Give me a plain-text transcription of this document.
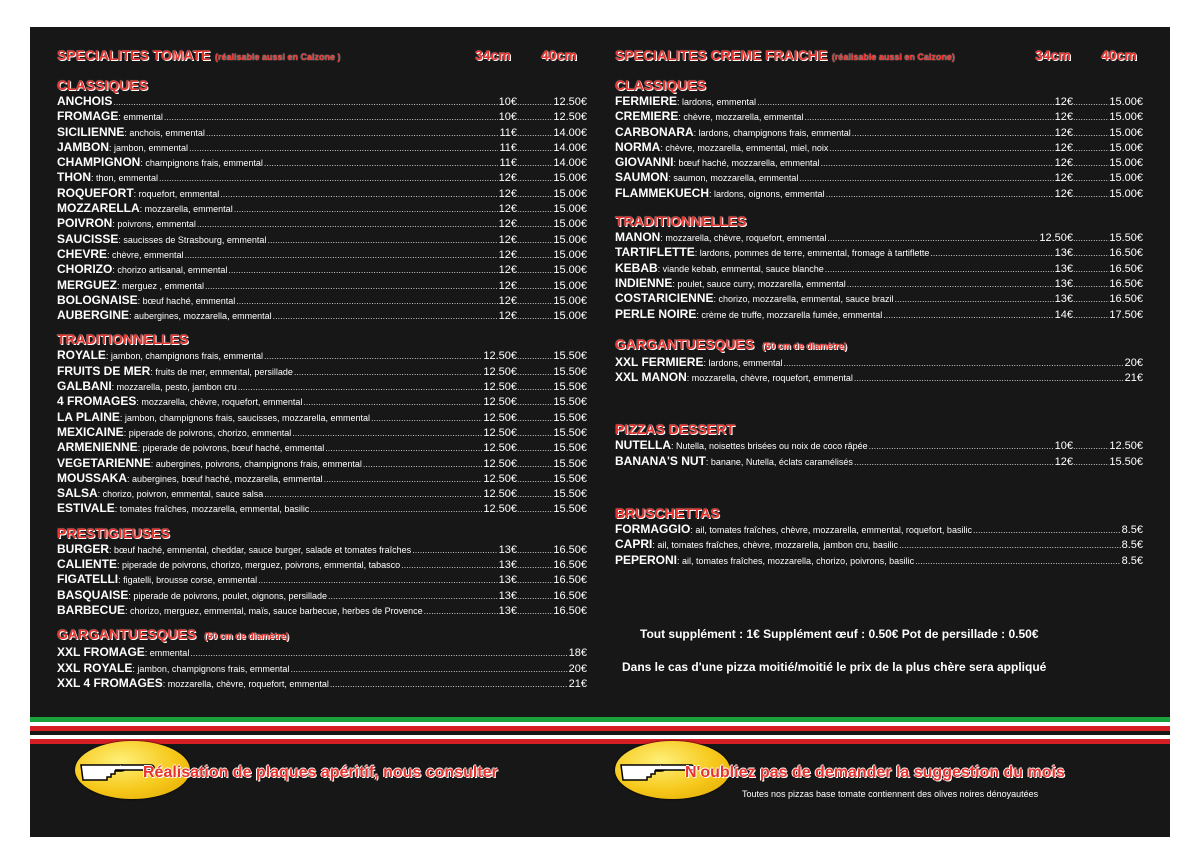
SPECIALITES TOMATE (réalisable aussi en Calzone )	34cm 40cm
CLASSIQUES
ANCHOIS .....	10€ .....	12.50€
FROMAGE : emmental .....	10€ .....	12.50€
SICILIENNE : anchois, emmental .....	11€ .....	14.00€
JAMBON : jambon, emmental .....	11€ .....	14.00€
CHAMPIGNON : champignons frais, emmental .....	11€ .....	14.00€
THON : thon, emmental .....	12€ .....	15.00€
ROQUEFORT : roquefort, emmental .....	12€ .....	15.00€
MOZZARELLA : mozzarella, emmental .....	12€ .....	15.00€
POIVRON : poivrons, emmental .....	12€ .....	15.00€
SAUCISSE : saucisses de Strasbourg, emmental .....	12€ .....	15.00€
CHEVRE : chèvre, emmental .....	12€ .....	15.00€
CHORIZO : chorizo artisanal, emmental .....	12€ .....	15.00€
MERGUEZ : merguez , emmental .....	12€ .....	15.00€
BOLOGNAISE : bœuf haché, emmental .....	12€ .....	15.00€
AUBERGINE : aubergines, mozzarella, emmental .....	12€ .....	15.00€
TRADITIONNELLES
ROYALE : jambon, champignons frais, emmental .....	12.50€ .....	15.50€
FRUITS DE MER : fruits de mer, emmental, persillade .....	12.50€ .....	15.50€
GALBANI : mozzarella, pesto, jambon cru .....	12.50€ .....	15.50€
4 FROMAGES : mozzarella, chèvre, roquefort, emmental .....	12.50€ .....	15.50€
LA PLAINE : jambon, champignons frais, saucisses, mozzarella, emmental .....	12.50€ .....	15.50€
MEXICAINE : piperade de poivrons, chorizo, emmental .....	12.50€ .....	15.50€
ARMENIENNE : piperade de poivrons, bœuf haché, emmental .....	12.50€ .....	15.50€
VEGETARIENNE : aubergines, poivrons, champignons frais, emmental .....	12.50€ .....	15.50€
MOUSSAKA : aubergines, bœuf haché, mozzarella, emmental .....	12.50€ .....	15.50€
SALSA : chorizo, poivron, emmental, sauce salsa .....	12.50€ .....	15.50€
ESTIVALE : tomates fraîches, mozzarella, emmental, basilic .....	12.50€ .....	15.50€
PRESTIGIEUSES
BURGER : bœuf haché, emmental, cheddar, sauce burger, salade et tomates fraîches .....	13€ .....	16.50€
CALIENTE : piperade de poivrons, chorizo, merguez, poivrons, emmental, tabasco .....	13€ .....	16.50€
FIGATELLI : figatelli, brousse corse, emmental .....	13€ .....	16.50€
BASQUAISE : piperade de poivrons, poulet, oignons, persillade .....	13€ .....	16.50€
BARBECUE : chorizo, merguez, emmental, maïs, sauce barbecue, herbes de Provence .....	13€ .....	16.50€
GARGANTUESQUES (50 cm de diamètre)
XXL FROMAGE : emmental .....	18€
XXL ROYALE : jambon, champignons frais, emmental .....	20€
XXL 4 FROMAGES : mozzarella, chèvre, roquefort, emmental .....	21€
SPECIALITES CREME FRAICHE (réalisable aussi en Calzone)	34cm 40cm
CLASSIQUES
FERMIERE : lardons, emmental .....	12€ .....	15.00€
CREMIERE : chèvre, mozzarella, emmental .....	12€ .....	15.00€
CARBONARA : lardons, champignons frais, emmental .....	12€ .....	15.00€
NORMA : chèvre, mozzarella, emmental, miel, noix .....	12€ .....	15.00€
GIOVANNI : bœuf haché, mozzarella, emmental .....	12€ .....	15.00€
SAUMON : saumon, mozzarella, emmental .....	12€ .....	15.00€
FLAMMEKUECH : lardons, oignons, emmental .....	12€ .....	15.00€
TRADITIONNELLES
MANON : mozzarella, chèvre, roquefort, emmental .....	12.50€ .....	15.50€
TARTIFLETTE : lardons, pommes de terre, emmental, fromage à tartiflette .....	13€ .....	16.50€
KEBAB : viande kebab, emmental, sauce blanche .....	13€ .....	16.50€
INDIENNE : poulet, sauce curry, mozzarella, emmental .....	13€ .....	16.50€
COSTARICIENNE : chorizo, mozzarella, emmental, sauce brazil .....	13€ .....	16.50€
PERLE NOIRE : crème de truffe, mozzarella fumée, emmental .....	14€ .....	17.50€
GARGANTUESQUES (50 cm de diamètre)
XXL FERMIERE : lardons, emmental .....	20€
XXL MANON : mozzarella, chèvre, roquefort, emmental .....	21€
PIZZAS DESSERT
NUTELLA : Nutella, noisettes brisées ou noix de coco râpée .....	10€ .....	12.50€
BANANA'S NUT : banane, Nutella, éclats caramélisés .....	12€ .....	15.50€
BRUSCHETTAS
FORMAGGIO : ail, tomates fraîches, chèvre, mozzarella, emmental, roquefort, basilic .....	8.5€
CAPRI : ail, tomates fraîches, chèvre, mozzarella, jambon cru, basilic .....	8.5€
PEPERONI : ail, tomates fraîches, mozzarella, chorizo, poivrons, basilic .....	8.5€
Tout supplément : 1€ Supplément œuf : 0.50€ Pot de persillade : 0.50€
Dans le cas d'une pizza moitié/moitié le prix de la plus chère sera appliqué
Réalisation de plaques apéritif, nous consulter	N'oubliez pas de demander la suggestion du mois
Toutes nos pizzas base tomate contiennent des olives noires dénoyautées
